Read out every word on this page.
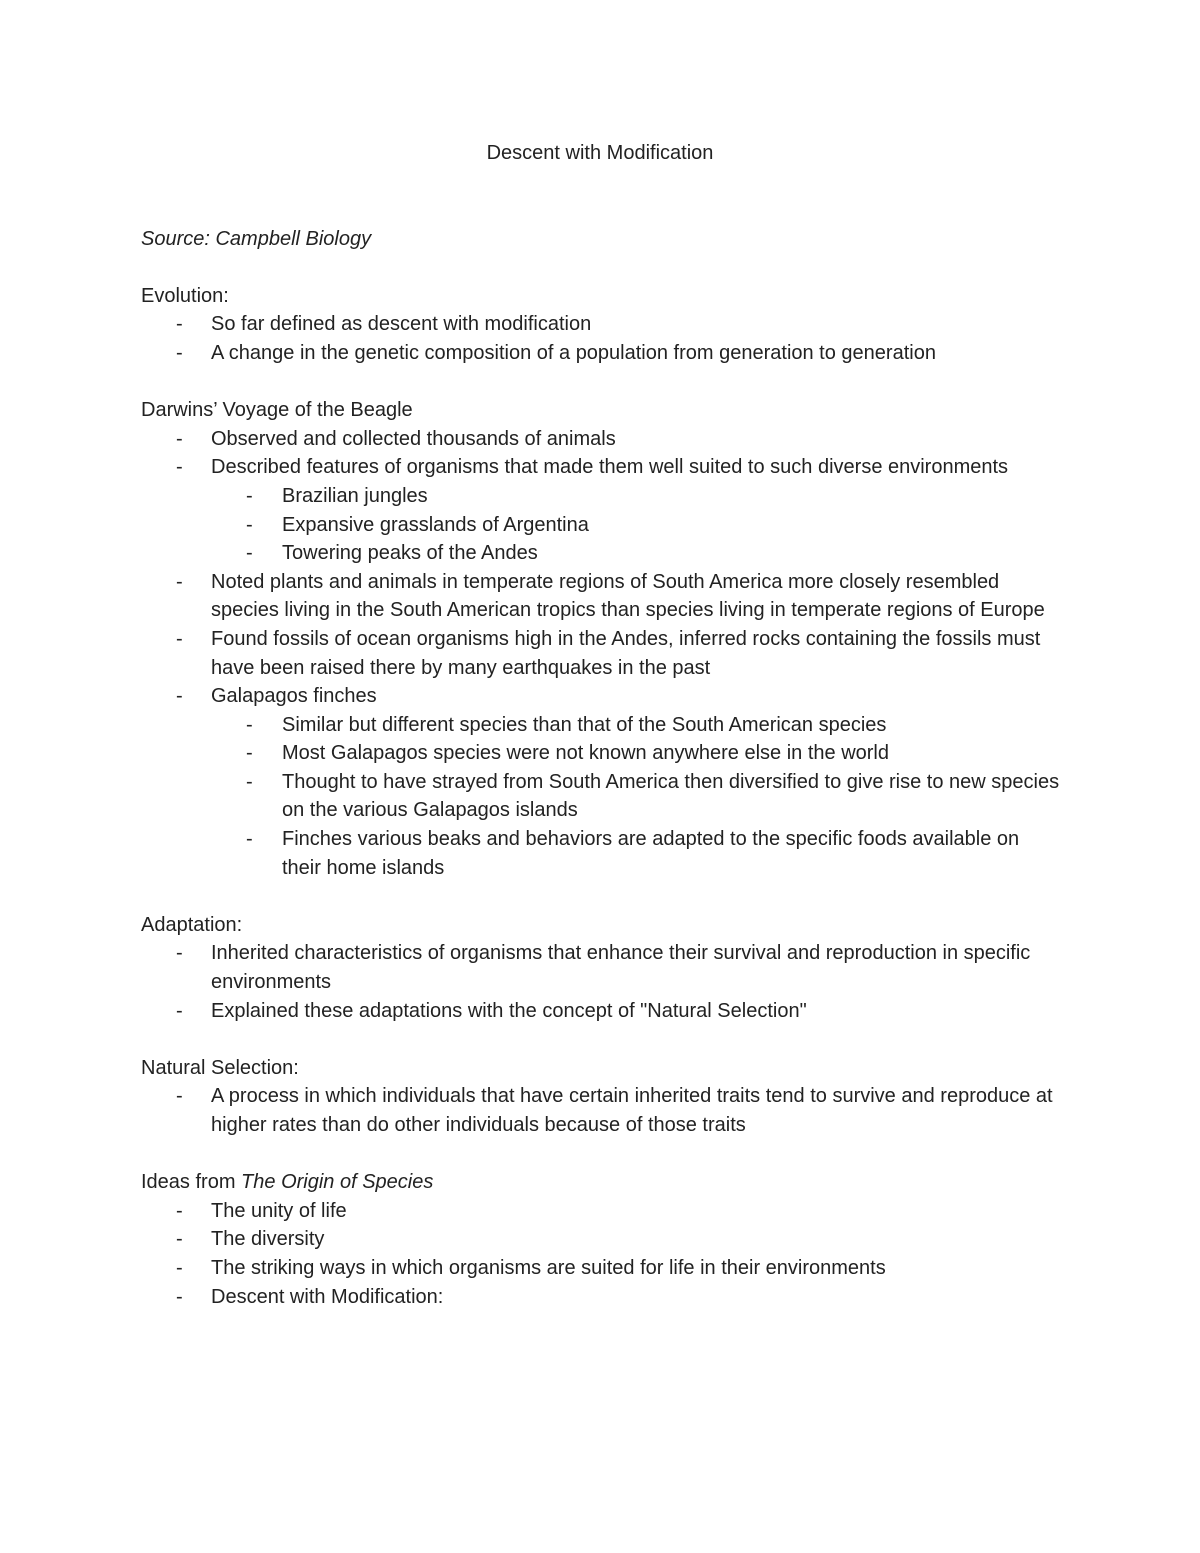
Descent with Modification
Source: Campbell Biology
Evolution:
-	So far defined as descent with modification
-	A change in the genetic composition of a population from generation to generation
Darwins’ Voyage of the Beagle
-	Observed and collected thousands of animals
-	Described features of organisms that made them well suited to such diverse environments
-	Brazilian jungles
-	Expansive grasslands of Argentina
-	Towering peaks of the Andes
-	Noted plants and animals in temperate regions of South America more closely resembled species living in the South American tropics than species living in temperate regions of Europe
-	Found fossils of ocean organisms high in the Andes, inferred rocks containing the fossils must have been raised there by many earthquakes in the past
-	Galapagos finches
-	Similar but different species than that of the South American species
-	Most Galapagos species were not known anywhere else in the world
-	Thought to have strayed from South America then diversified to give rise to new species on the various Galapagos islands
-	Finches various beaks and behaviors are adapted to the specific foods available on their home islands
Adaptation:
-	Inherited characteristics of organisms that enhance their survival and reproduction in specific environments
-	Explained these adaptations with the concept of "Natural Selection"
Natural Selection:
-	A process in which individuals that have certain inherited traits tend to survive and reproduce at higher rates than do other individuals because of those traits
Ideas from The Origin of Species
-	The unity of life
-	The diversity
-	The striking ways in which organisms are suited for life in their environments
-	Descent with Modification:
